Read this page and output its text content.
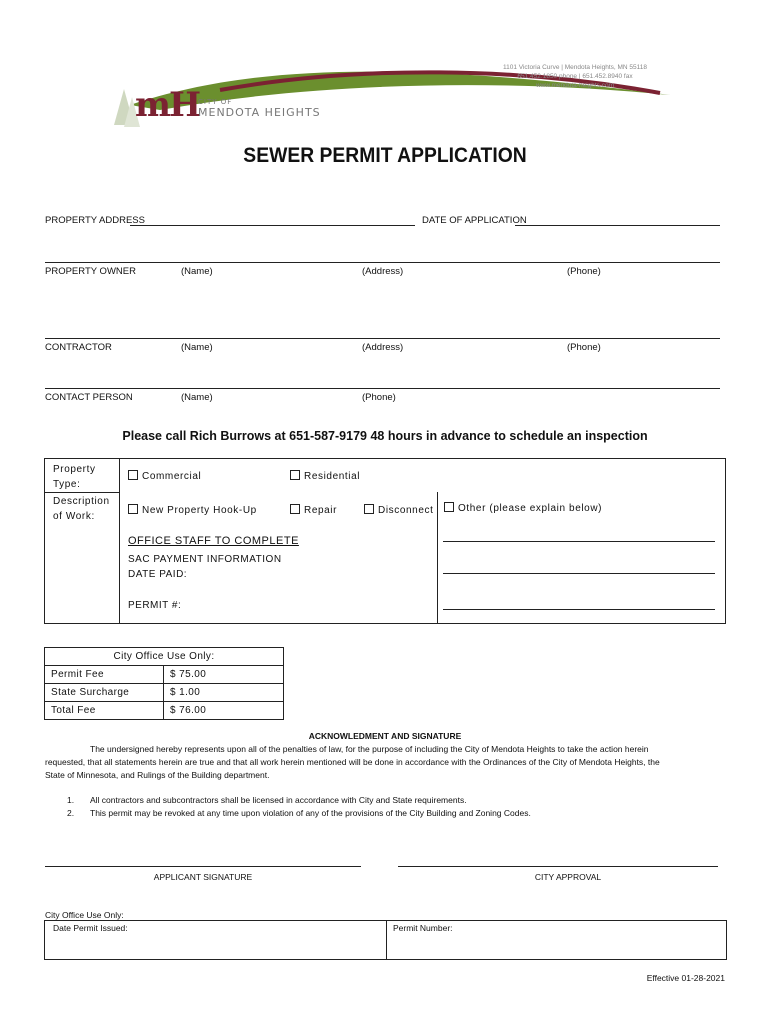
mH
CITY OF
MENDOTA HEIGHTS
1101 Victoria Curve | Mendota Heights, MN 55118
651.452.1850 phone | 651.452.8940 fax
www.mendota-heights.com
SEWER PERMIT APPLICATION
PROPERTY ADDRESS	DATE OF APPLICATION
PROPERTY OWNER	(Name)	(Address)	(Phone)
CONTRACTOR	(Name)	(Address)	(Phone)
CONTACT PERSON	(Name)	(Phone)
Please call Rich Burrows at 651-587-9179 48 hours in advance to schedule an inspection
Property Type:
Description of Work:
Commercial	Residential
New Property Hook-Up	Repair	Disconnect	Other (please explain below)
OFFICE STAFF TO COMPLETE
SAC PAYMENT INFORMATION
DATE PAID:
PERMIT #:
City Office Use Only:	
Permit Fee	$ 75.00
State Surcharge	$ 1.00
Total Fee	$ 76.00
ACKNOWLEDMENT AND SIGNATURE
The undersigned hereby represents upon all of the penalties of law, for the purpose of including the City of Mendota Heights to take the action herein
requested, that all statements herein are true and that all work herein mentioned will be done in accordance with the Ordinances of the City of Mendota Heights, the
State of Minnesota, and Rulings of the Building department.
1. All contractors and subcontractors shall be licensed in accordance with City and State requirements.
2. This permit may be revoked at any time upon violation of any of the provisions of the City Building and Zoning Codes.
APPLICANT SIGNATURE	CITY APPROVAL
City Office Use Only:
Date Permit Issued:	Permit Number:
Effective 01-28-2021
